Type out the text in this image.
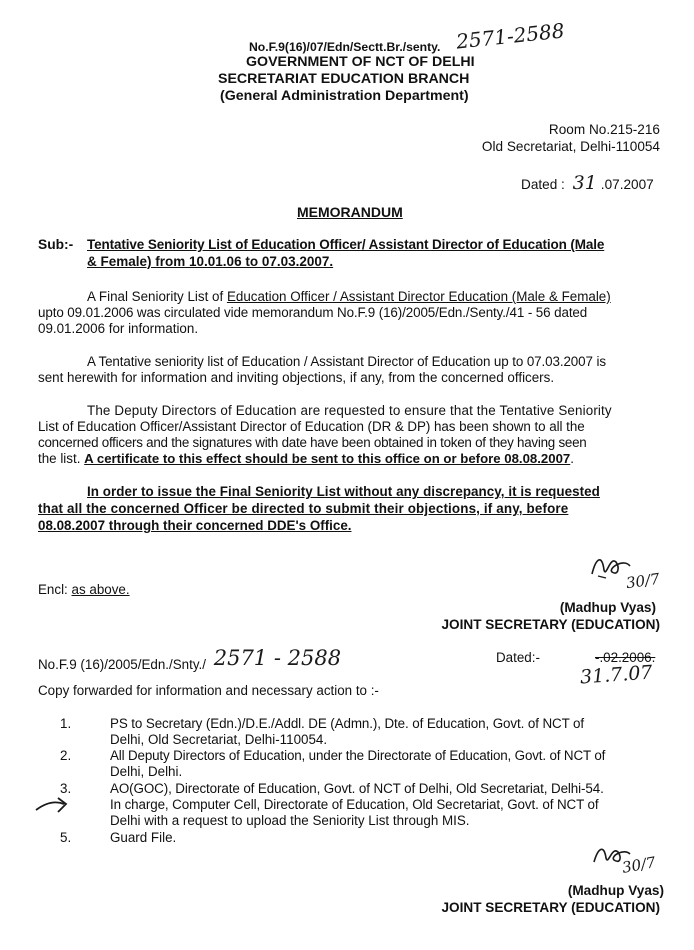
No.F.9(16)/07/Edn/Sectt.Br./senty. 2571-2588
GOVERNMENT OF NCT OF DELHI
SECRETARIAT EDUCATION BRANCH
(General Administration Department)
Room No.215-216
Old Secretariat, Delhi-110054
Dated : 31 .07.2007
MEMORANDUM
Sub:- Tentative Seniority List of Education Officer/ Assistant Director of Education (Male
& Female) from 10.01.06 to 07.03.2007.
A Final Seniority List of Education Officer / Assistant Director Education (Male & Female)
upto 09.01.2006 was circulated vide memorandum No.F.9 (16)/2005/Edn./Senty./41 - 56 dated
09.01.2006 for information.
A Tentative seniority list of Education / Assistant Director of Education up to 07.03.2007 is
sent herewith for information and inviting objections, if any, from the concerned officers.
The Deputy Directors of Education are requested to ensure that the Tentative Seniority
List of Education Officer/Assistant Director of Education (DR & DP) has been shown to all the
concerned officers and the signatures with date have been obtained in token of they having seen
the list. A certificate to this effect should be sent to this office on or before 08.08.2007.
In order to issue the Final Seniority List without any discrepancy, it is requested
that all the concerned Officer be directed to submit their objections, if any, before
08.08.2007 through their concerned DDE's Office.
30/7
Encl: as above.
(Madhup Vyas)
JOINT SECRETARY (EDUCATION)
No.F.9 (16)/2005/Edn./Snty./ 2571 - 2588	Dated:-	-.02.2006.
31.7.07
Copy forwarded for information and necessary action to :-
1.	PS to Secretary (Edn.)/D.E./Addl. DE (Admn.), Dte. of Education, Govt. of NCT of
Delhi, Old Secretariat, Delhi-110054.
2.	All Deputy Directors of Education, under the Directorate of Education, Govt. of NCT of
Delhi, Delhi.
3.	AO(GOC), Directorate of Education, Govt. of NCT of Delhi, Old Secretariat, Delhi-54.
In charge, Computer Cell, Directorate of Education, Old Secretariat, Govt. of NCT of
Delhi with a request to upload the Seniority List through MIS.
5.	Guard File.
30/7
(Madhup Vyas)
JOINT SECRETARY (EDUCATION)
